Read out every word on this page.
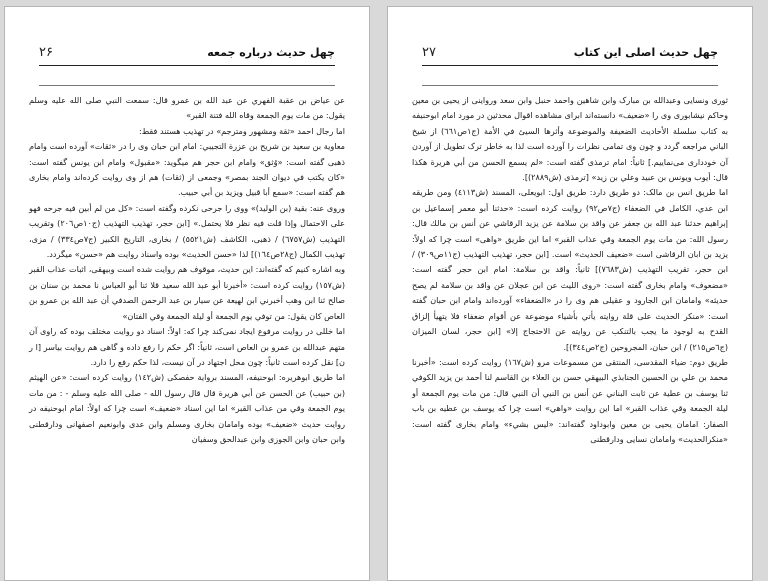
چهل حدیث درباره جمعه
۲۶

عن عياض بن عقبة الفهري عن عبد الله بن عمرو قال: سمعت النبي صلى الله عليه وسلم يقول: من مات يوم الجمعة وقاه الله فتنة القبر»

اما رجال احمد «ثقة ومشهور ومترجم» در تهذیب هستند فقط:

معاوية بن سعيد بن شريح بن عزرة التجيبي: امام ابن حبان وی را در «ثقات» آورده است وامام ذهبی گفته است: «وُثق» وامام ابن حجر هم میگوید: «مقبول» وامام ابن یونس گفته است: «كان يكتب في ديوان الجند بمصر» وجمعی از (ثقات) هم از وی روایت کرده‌اند وامام بخاری هم گفته است: «سمع أبا قبيل ويزيد بن أبي حبيب.

وروى عنه: بقية (بن الوليد)» ووی را جرحی نکرده وگفته است: «كل من لم أبين فيه جرحه فهو على الاحتمال وإذا قلت فيه نظر فلا يحتمل.» [ابن حجر، تهذيب التهذيب (ج١٠ص٢٠٦) وتقريب التهذيب (ش٦٧٥٧) / ذهبی، الكاشف (ش٥٥٢١) / بخاری، التاريخ الكبير (ج٧ص٣٣٤) / مزی، تهذيب الكمال (ج٢٨ص١٦٤)] لذا «حسن الحديث» بوده واسناد روایت هم «حسن» میگردد.

وبه اشاره کنیم که گفته‌اند: این حدیث، موقوف هم روایت شده است وبیهقی، اثبات عذاب القبر (ش١٥٧) روایت کرده است: «أخبرنا أبو عبد الله سعيد قلا ثنا أبو العباس نا محمد بن سنان بن صالح ثنا ابن وهب أخبرني ابن لهيعة عن سيار بن عبد الرحمن الصدفي أن عبد الله بن عمرو بن العاص كان يقول: من توفي يوم الجمعة أو ليلة الجمعة وقي الفتان»

اما خللی در روایت مرفوع ایجاد نمی‌کند چرا که: اولاً: اسناد دو روایت مختلف بوده که راوی آن متهم عبدالله بن عمرو بن العاص است، ثانیاً: اگر حکم را رفع داده و گاهی هم روایت بیاسر [ا ر ن] نقل کرده است ثانیاً: چون محل اجتهاد در آن نیست، لذا حکم رفع را دارد.

اما طریق ابوهریره: ابوحنیفه، المسند بروایة حفصکی (ش١٤٢) روایت کرده است: «عن الهيثم (بن حبيب) عن الحسن عن أبي هريرة قال قال رسول الله - صلى الله عليه وسلم - : من مات يوم الجمعة وقي من عذاب القبر» اما این اسناد «ضعيف» است چرا که اولاً: امام ابوحنیفه در روایت حديث «ضعيف» بوده وامامان بخاری ومسلم وابن عدی وابونعیم اصفهانی ودارقطنی وابن حبان وابن الجوزی وابن عبدالحق وسفیان

چهل حدیث اصلی این کتاب
۲۷

ثوری ونسایی وعبدالله بن مبارک وابن شاهین واحمد حنبل وابن سعد ورواینی از یحیی بن معین وحاکم نیشابوری وی را «ضعيف» دانسته‌اند ابرای مشاهده اقوال محدثین در مورد امام ابوحنیفه به کتاب سلسلة الأحاديث الضعيفة والموضوعة وأثرها السيئ في الأمة (ج١ص٦٦١) از شیخ الباني مراجعه گردد و چون وی تمامی نظرات را آورده است لذا به خاطر ترک تطویل از آوردن آن خودداری می‌نماییم.] ثانیاً: امام ترمذی گفته است: «لم يسمع الحسن من أبي هريرة هكذا قال: أيوب ويونس بن عبيد وعلي بن زيد» [ترمذی (ش٢٨٨٩)].

اما طریق انس بن مالک: دو طریق دارد: طریق اول: ابویعلی، المسند (ش٤١١٣) ومن طريقه ابن عدي، الكامل في الضعفاء (ج٧ص٩٢) روایت کرده است: «حدثنا أبو معمر إسماعيل بن إبراهيم حدثنا عبد الله بن جعفر عن واقد بن سلامة عن يزيد الرقاشي عن أنس بن مالك قال: رسول الله: من مات يوم الجمعة وقي عذاب القبر» اما این طریق «واهی» است چرا که اولاً: یزید بن ابان الرقاشی است «ضعيف الحديث» است. [ابن حجر، تهذيب التهذيب (ج١١ص٣٠٩) / ابن حجر، تقريب التهذيب (ش٧٦٨٣)] ثانیاً: واقد بن سلامة: امام ابن حجر گفته است: «مضعوف» وامام بخاری گفته است: «روى الليث عن ابن عجلان عن واقد بن سلامة لم يصح حديثه» وامامان ابن الجارود و عقیلی هم وی را در «الضعفاء» آورده‌اند وامام ابن حبان گفته است: «منكر الحديث على قلة روايته يأتي بأشياء موضوعة عن أقوام ضعفاء فلا يتهيأ إلزاق القدح به لوجود ما يجب بالتنكب عن روايته عن الاحتجاج إلا» [ابن حجر، لسان الميزان (ج٦ص٢١٥) / ابن حبان، المجروحين (ج٢ص٣٤٤)].

طریق دوم: ضیاء المقدسی، المنتقی من مسموعات مرو (ش١٦٧) روایت کرده است: «أخبرنا محمد بن علي بن الحسين الجنابذي البيهقي حسن بن العلاء بن القاسم لنا أحمد بن يزيد الكوفي ثنا يوسف بن عطية عن ثابت البناني عن أنس بن النبي أن النبي قال: من مات يوم الجمعة أو ليلة الجمعة وقي عذاب القبر» اما این روایت «واهي» است چرا که یوسف بن عطیه بن باب الصفار: امامان یحیی بن معین وابوداود گفته‌اند: «ليس بشيء» وامام بخاری گفته است: «منكرالحديث» وامامان نسایی ودارقطنی
